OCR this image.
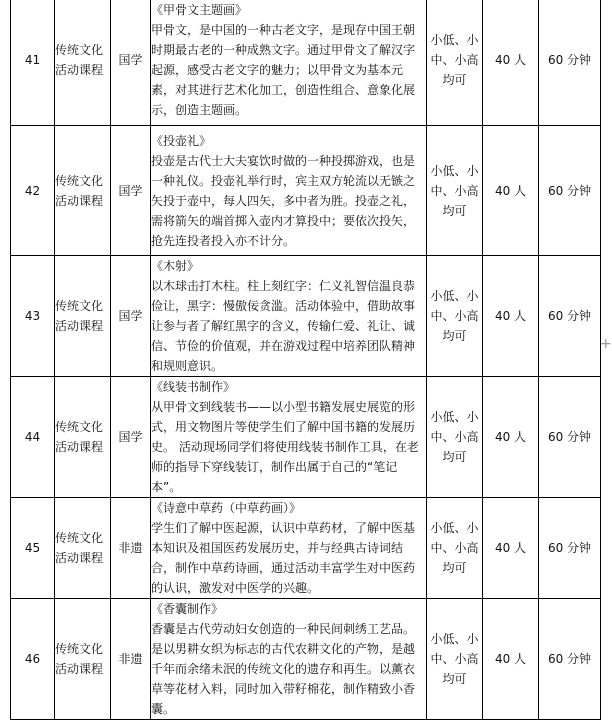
41	传统文化活动课程	国学	《甲骨文主题画》
甲骨文，是中国的一种古老文字，是现存中国王朝时期最古老的一种成熟文字。通过甲骨文了解汉字起源，感受古老文字的魅力；以甲骨文为基本元素，对其进行艺术化加工，创造性组合、意象化展示，创造主题画。	小低、小中、小高均可	40 人	60 分钟
42	传统文化活动课程	国学	《投壶礼》
投壶是古代士大夫宴饮时做的一种投掷游戏，也是一种礼仪。投壶礼举行时，宾主双方轮流以无镞之矢投于壶中，每人四矢，多中者为胜。投壶之礼，需将箭矢的端首掷入壶内才算投中；要依次投矢，抢先连投者投入亦不计分。	小低、小中、小高均可	40 人	60 分钟
43	传统文化活动课程	国学	《木射》
以木球击打木柱。柱上刻红字：仁义礼智信温良恭俭让，黑字：慢傲佞贪滥。活动体验中，借助故事让参与者了解红黑字的含义，传输仁爱、礼让、诚信、节俭的价值观，并在游戏过程中培养团队精神和规则意识。	小低、小中、小高均可	40 人	60 分钟
44	传统文化活动课程	国学	《线装书制作》
从甲骨文到线装书——以小型书籍发展史展览的形式，用文物图片等使学生们了解中国书籍的发展历史。 活动现场同学们将使用线装书制作工具，在老师的指导下穿线装订，制作出属于自己的“笔记本”。	小低、小中、小高均可	40 人	60 分钟
45	传统文化活动课程	非遗	《诗意中草药（中草药画）》
学生们了解中医起源，认识中草药材，了解中医基本知识及祖国医药发展历史，并与经典古诗词结合，制作中草药诗画，通过活动丰富学生对中医药的认识，激发对中医学的兴趣。	小低、小中、小高均可	40 人	60 分钟
46	传统文化活动课程	非遗	《香囊制作》
香囊是古代劳动妇女创造的一种民间刺绣工艺品。 是以男耕女织为标志的古代农耕文化的产物，是越千年而余绪未泯的传统文化的遗存和再生。以薰衣草等花材入料，同时加入带籽棉花，制作精致小香囊。	小低、小中、小高均可	40 人	60 分钟
+
